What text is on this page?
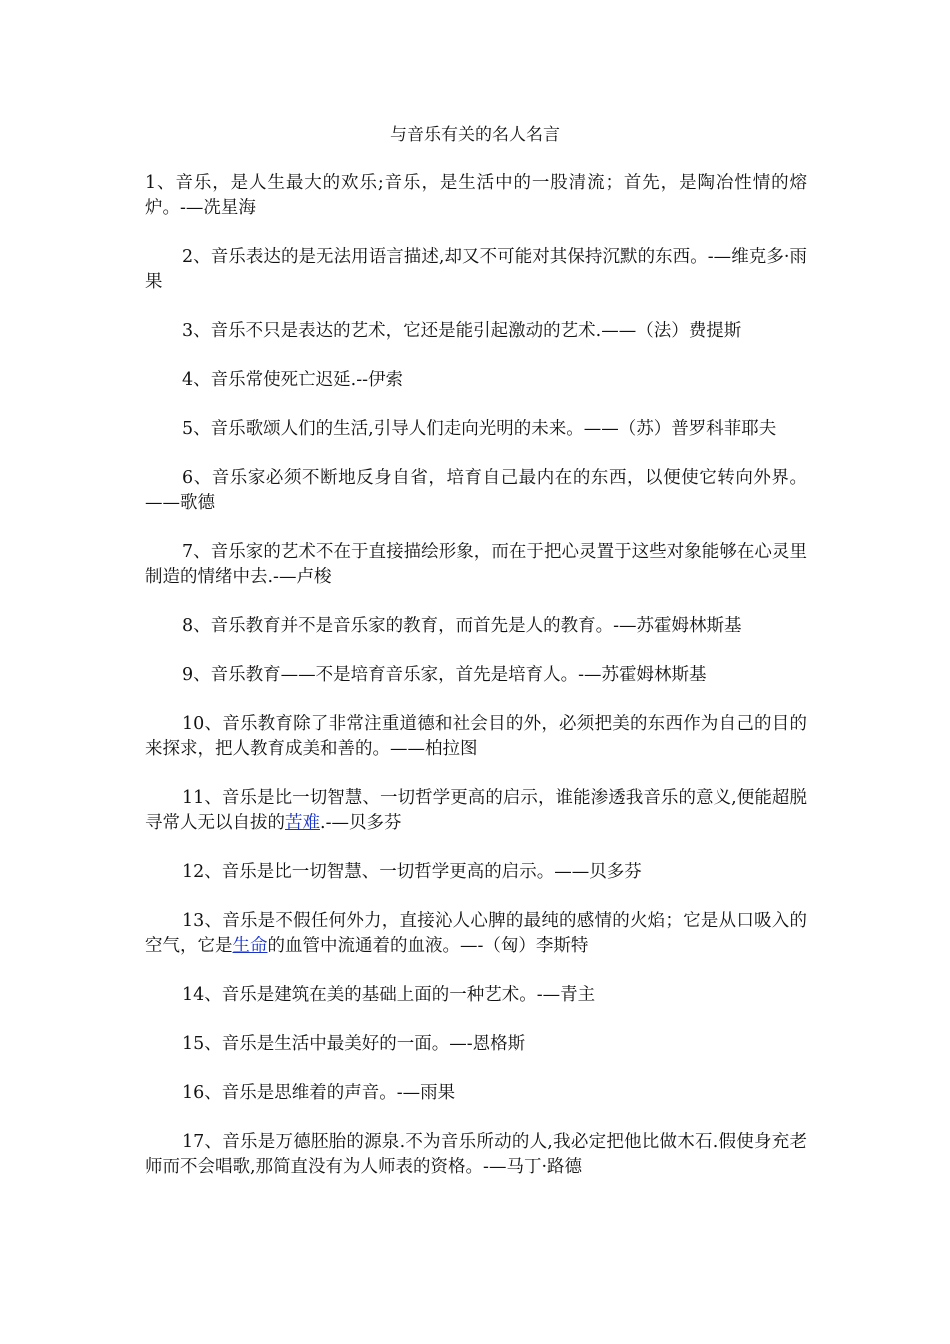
与音乐有关的名人名言

1、音乐，是人生最大的欢乐;音乐，是生活中的一股清流；首先，是陶冶性情的熔炉。-—冼星海

2、音乐表达的是无法用语言描述,却又不可能对其保持沉默的东西。-—维克多·雨果

3、音乐不只是表达的艺术，它还是能引起激动的艺术.——（法）费提斯

4、音乐常使死亡迟延.--伊索

5、音乐歌颂人们的生活,引导人们走向光明的未来。——（苏）普罗科菲耶夫

6、音乐家必须不断地反身自省，培育自己最内在的东西，以便使它转向外界。——歌德

7、音乐家的艺术不在于直接描绘形象，而在于把心灵置于这些对象能够在心灵里制造的情绪中去.-—卢梭

8、音乐教育并不是音乐家的教育，而首先是人的教育。-—苏霍姆林斯基

9、音乐教育——不是培育音乐家，首先是培育人。-—苏霍姆林斯基

10、音乐教育除了非常注重道德和社会目的外，必须把美的东西作为自己的目的来探求，把人教育成美和善的。——柏拉图

11、音乐是比一切智慧、一切哲学更高的启示，谁能渗透我音乐的意义,便能超脱寻常人无以自拔的苦难.-—贝多芬

12、音乐是比一切智慧、一切哲学更高的启示。——贝多芬

13、音乐是不假任何外力，直接沁人心脾的最纯的感情的火焰；它是从口吸入的空气，它是生命的血管中流通着的血液。—-（匈）李斯特

14、音乐是建筑在美的基础上面的一种艺术。-—青主

15、音乐是生活中最美好的一面。—-恩格斯

16、音乐是思维着的声音。-—雨果

17、音乐是万德胚胎的源泉.不为音乐所动的人,我必定把他比做木石.假使身充老师而不会唱歌,那简直没有为人师表的资格。-—马丁·路德
